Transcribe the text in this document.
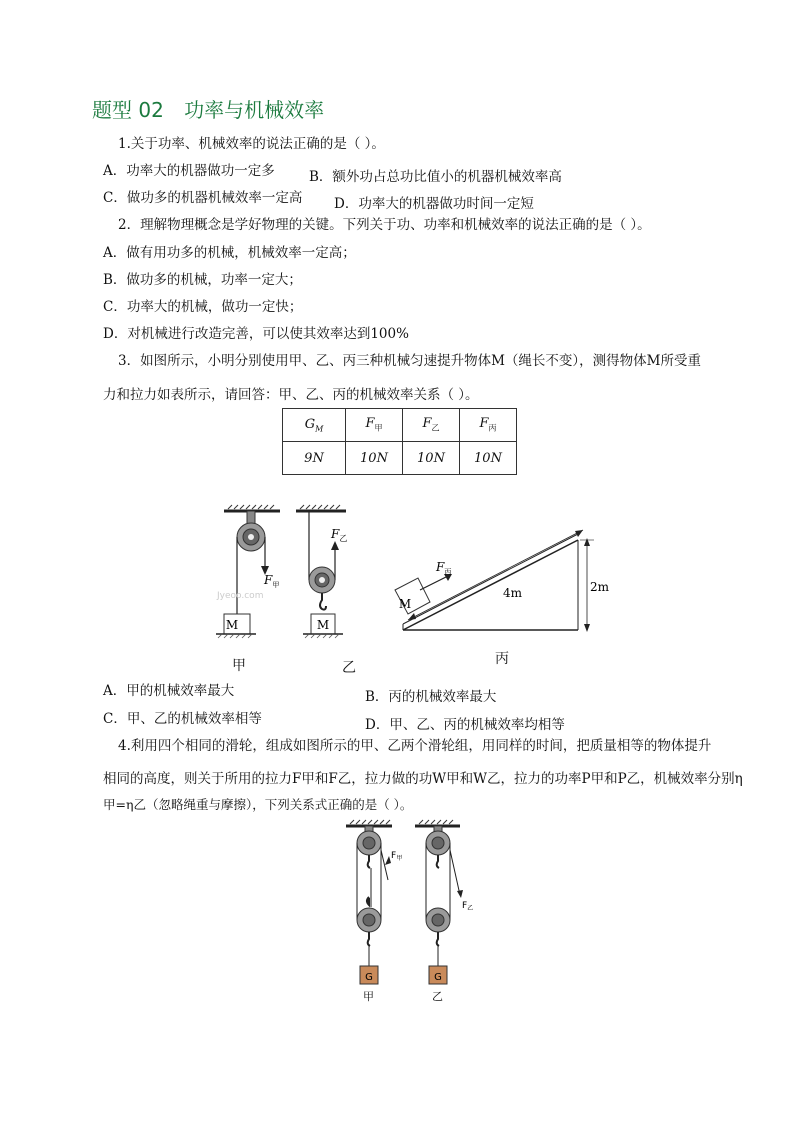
题型 02 功率与机械效率
1.关于功率、机械效率的说法正确的是（ ）。
A．功率大的机器做功一定多	B．额外功占总功比值小的机器机械效率高
C．做功多的机器机械效率一定高 D．功率大的机器做功时间一定短
2．理解物理概念是学好物理的关键。下列关于功、功率和机械效率的说法正确的是（ ）。
A．做有用功多的机械，机械效率一定高；
B．做功多的机械，功率一定大；
C．功率大的机械，做功一定快；
D．对机械进行改造完善，可以使其效率达到100%
3．如图所示，小明分别使用甲、乙、丙三种机械匀速提升物体M（绳长不变），测得物体M所受重
力和拉力如表所示，请回答：甲、乙、丙的机械效率关系（ ）。
$G_M$	$F_甲$	$F_乙$	$F_丙$
9N	10N	10N	10N
Jyeoo.com
M
$F_甲$
M
$F_乙$
M
$F_丙$
4m	2m
甲	乙
丙
A．甲的机械效率最大	B．丙的机械效率最大
C．甲、乙的机械效率相等	D．甲、乙、丙的机械效率均相等
4.利用四个相同的滑轮，组成如图所示的甲、乙两个滑轮组，用同样的时间，把质量相等的物体提升
相同的高度，则关于所用的拉力F甲和F乙，拉力做的功W甲和W乙，拉力的功率P甲和P乙，机械效率分别η
甲=η乙（忽略绳重与摩擦），下列关系式正确的是（ ）。
G
$F_甲$
G
$F_乙$
甲	乙
